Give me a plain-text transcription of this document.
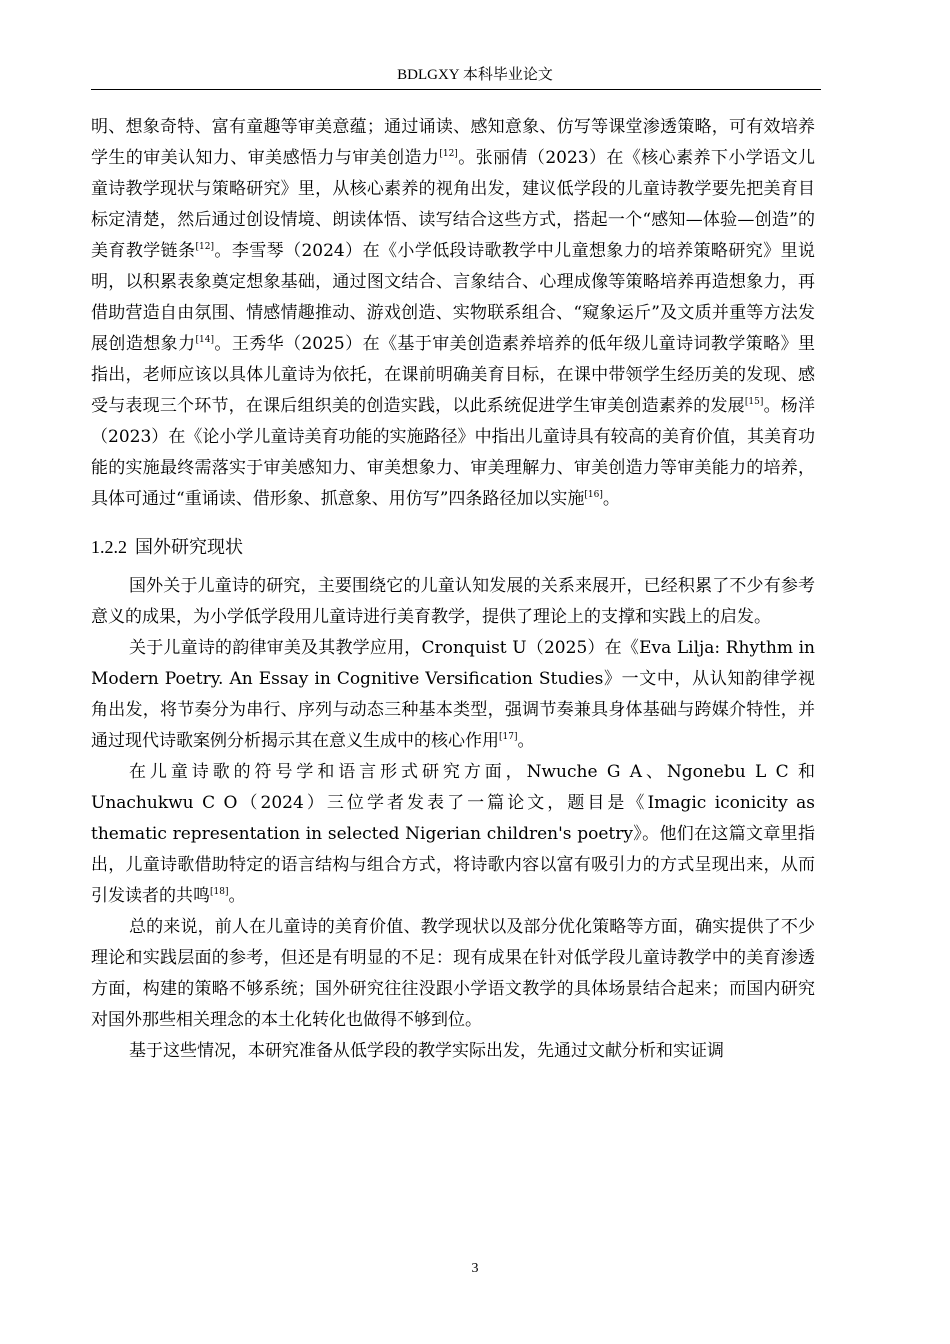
BDLGXY 本科毕业论文

明、想象奇特、富有童趣等审美意蕴；通过诵读、感知意象、仿写等课堂渗透策略，可有效培养学生的审美认知力、审美感悟力与审美创造力[12]。张丽倩（2023）在《核心素养下小学语文儿童诗教学现状与策略研究》里，从核心素养的视角出发，建议低学段的儿童诗教学要先把美育目标定清楚，然后通过创设情境、朗读体悟、读写结合这些方式，搭起一个“感知—体验—创造”的美育教学链条[12]。李雪琴（2024）在《小学低段诗歌教学中儿童想象力的培养策略研究》里说明，以积累表象奠定想象基础，通过图文结合、言象结合、心理成像等策略培养再造想象力，再借助营造自由氛围、情感情趣推动、游戏创造、实物联系组合、“窥象运斤”及文质并重等方法发展创造想象力[14]。王秀华（2025）在《基于审美创造素养培养的低年级儿童诗词教学策略》里指出，老师应该以具体儿童诗为依托，在课前明确美育目标，在课中带领学生经历美的发现、感受与表现三个环节，在课后组织美的创造实践，以此系统促进学生审美创造素养的发展[15]。杨洋（2023）在《论小学儿童诗美育功能的实施路径》中指出儿童诗具有较高的美育价值，其美育功能的实施最终需落实于审美感知力、审美想象力、审美理解力、审美创造力等审美能力的培养，具体可通过“重诵读、借形象、抓意象、用仿写”四条路径加以实施[16]。

1.2.2 国外研究现状

国外关于儿童诗的研究，主要围绕它的儿童认知发展的关系来展开，已经积累了不少有参考意义的成果，为小学低学段用儿童诗进行美育教学，提供了理论上的支撑和实践上的启发。

关于儿童诗的韵律审美及其教学应用，Cronquist U（2025）在《Eva Lilja: Rhythm in Modern Poetry. An Essay in Cognitive Versification Studies》一文中，从认知韵律学视角出发，将节奏分为串行、序列与动态三种基本类型，强调节奏兼具身体基础与跨媒介特性，并通过现代诗歌案例分析揭示其在意义生成中的核心作用[17]。

在儿童诗歌的符号学和语言形式研究方面，Nwuche G A、Ngonebu L C 和 Unachukwu C O（2024）三位学者发表了一篇论文，题目是《Imagic iconicity as thematic representation in selected Nigerian children's poetry》。他们在这篇文章里指出，儿童诗歌借助特定的语言结构与组合方式，将诗歌内容以富有吸引力的方式呈现出来，从而引发读者的共鸣[18]。

总的来说，前人在儿童诗的美育价值、教学现状以及部分优化策略等方面，确实提供了不少理论和实践层面的参考，但还是有明显的不足：现有成果在针对低学段儿童诗教学中的美育渗透方面，构建的策略不够系统；国外研究往往没跟小学语文教学的具体场景结合起来；而国内研究对国外那些相关理念的本土化转化也做得不够到位。

基于这些情况，本研究准备从低学段的教学实际出发，先通过文献分析和实证调

3
